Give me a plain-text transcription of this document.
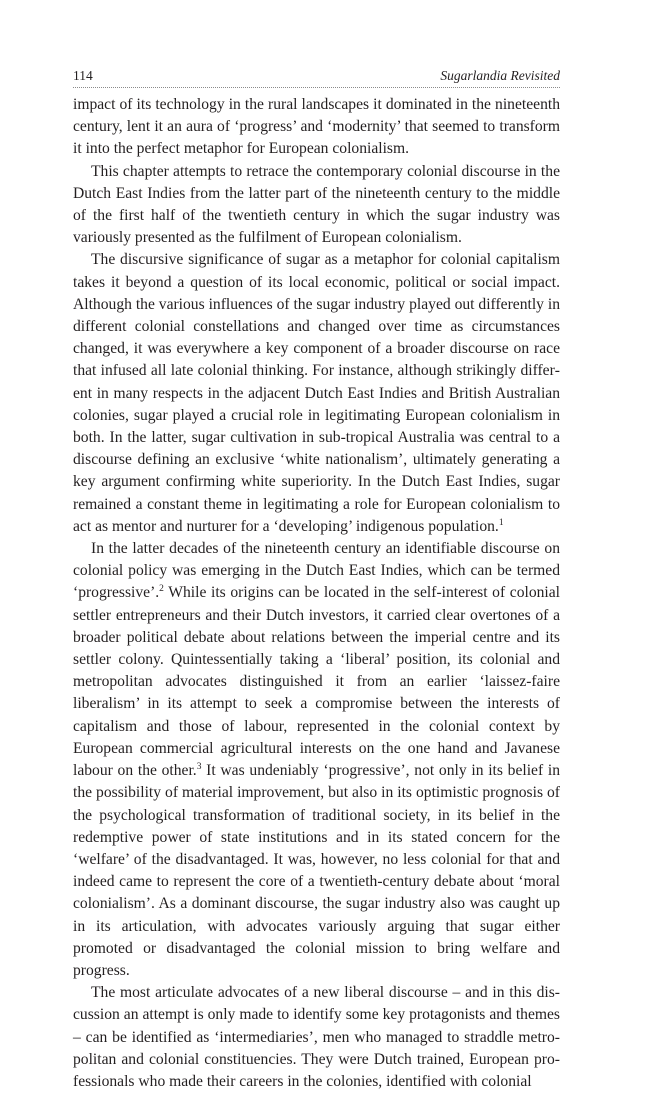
114	Sugarlandia Revisited

impact of its technology in the rural landscapes it dominated in the nineteenth century, lent it an aura of ‘progress’ and ‘modernity’ that seemed to transform it into the perfect metaphor for European colonialism.

This chapter attempts to retrace the contemporary colonial discourse in the Dutch East Indies from the latter part of the nineteenth century to the middle of the first half of the twentieth century in which the sugar industry was variously presented as the fulfilment of European colonialism.

The discursive significance of sugar as a metaphor for colonial capitalism takes it beyond a question of its local economic, political or social impact. Although the various influences of the sugar industry played out differently in different colonial constellations and changed over time as circumstances changed, it was everywhere a key component of a broader discourse on race that infused all late colonial thinking. For instance, although strikingly different in many respects in the adjacent Dutch East Indies and British Australian colonies, sugar played a crucial role in legitimating European colonialism in both. In the latter, sugar cultivation in sub-tropical Australia was central to a discourse defining an exclusive ‘white nationalism’, ultimately generating a key argument confirming white superiority. In the Dutch East Indies, sugar remained a constant theme in legitimating a role for European colonialism to act as mentor and nurturer for a ‘developing’ indigenous population.$^1$

In the latter decades of the nineteenth century an identifiable discourse on colonial policy was emerging in the Dutch East Indies, which can be termed ‘progressive’.$^2$ While its origins can be located in the self-interest of colonial settler entrepreneurs and their Dutch investors, it carried clear overtones of a broader political debate about relations between the imperial centre and its settler colony. Quintessentially taking a ‘liberal’ position, its colonial and metropolitan advocates distinguished it from an earlier ‘laissez-faire liberalism’ in its attempt to seek a compromise between the interests of capitalism and those of labour, represented in the colonial context by European commercial agricultural interests on the one hand and Javanese labour on the other.$^3$ It was undeniably ‘progressive’, not only in its belief in the possibility of material improvement, but also in its optimistic prognosis of the psychological transformation of traditional society, in its belief in the redemptive power of state institutions and in its stated concern for the ‘welfare’ of the disadvantaged. It was, however, no less colonial for that and indeed came to represent the core of a twentieth-century debate about ‘moral colonialism’. As a dominant discourse, the sugar industry also was caught up in its articulation, with advocates variously arguing that sugar either promoted or disadvantaged the colonial mission to bring welfare and progress.

The most articulate advocates of a new liberal discourse – and in this discussion an attempt is only made to identify some key protagonists and themes – can be identified as ‘intermediaries’, men who managed to straddle metropolitan and colonial constituencies. They were Dutch trained, European professionals who made their careers in the colonies, identified with colonial
